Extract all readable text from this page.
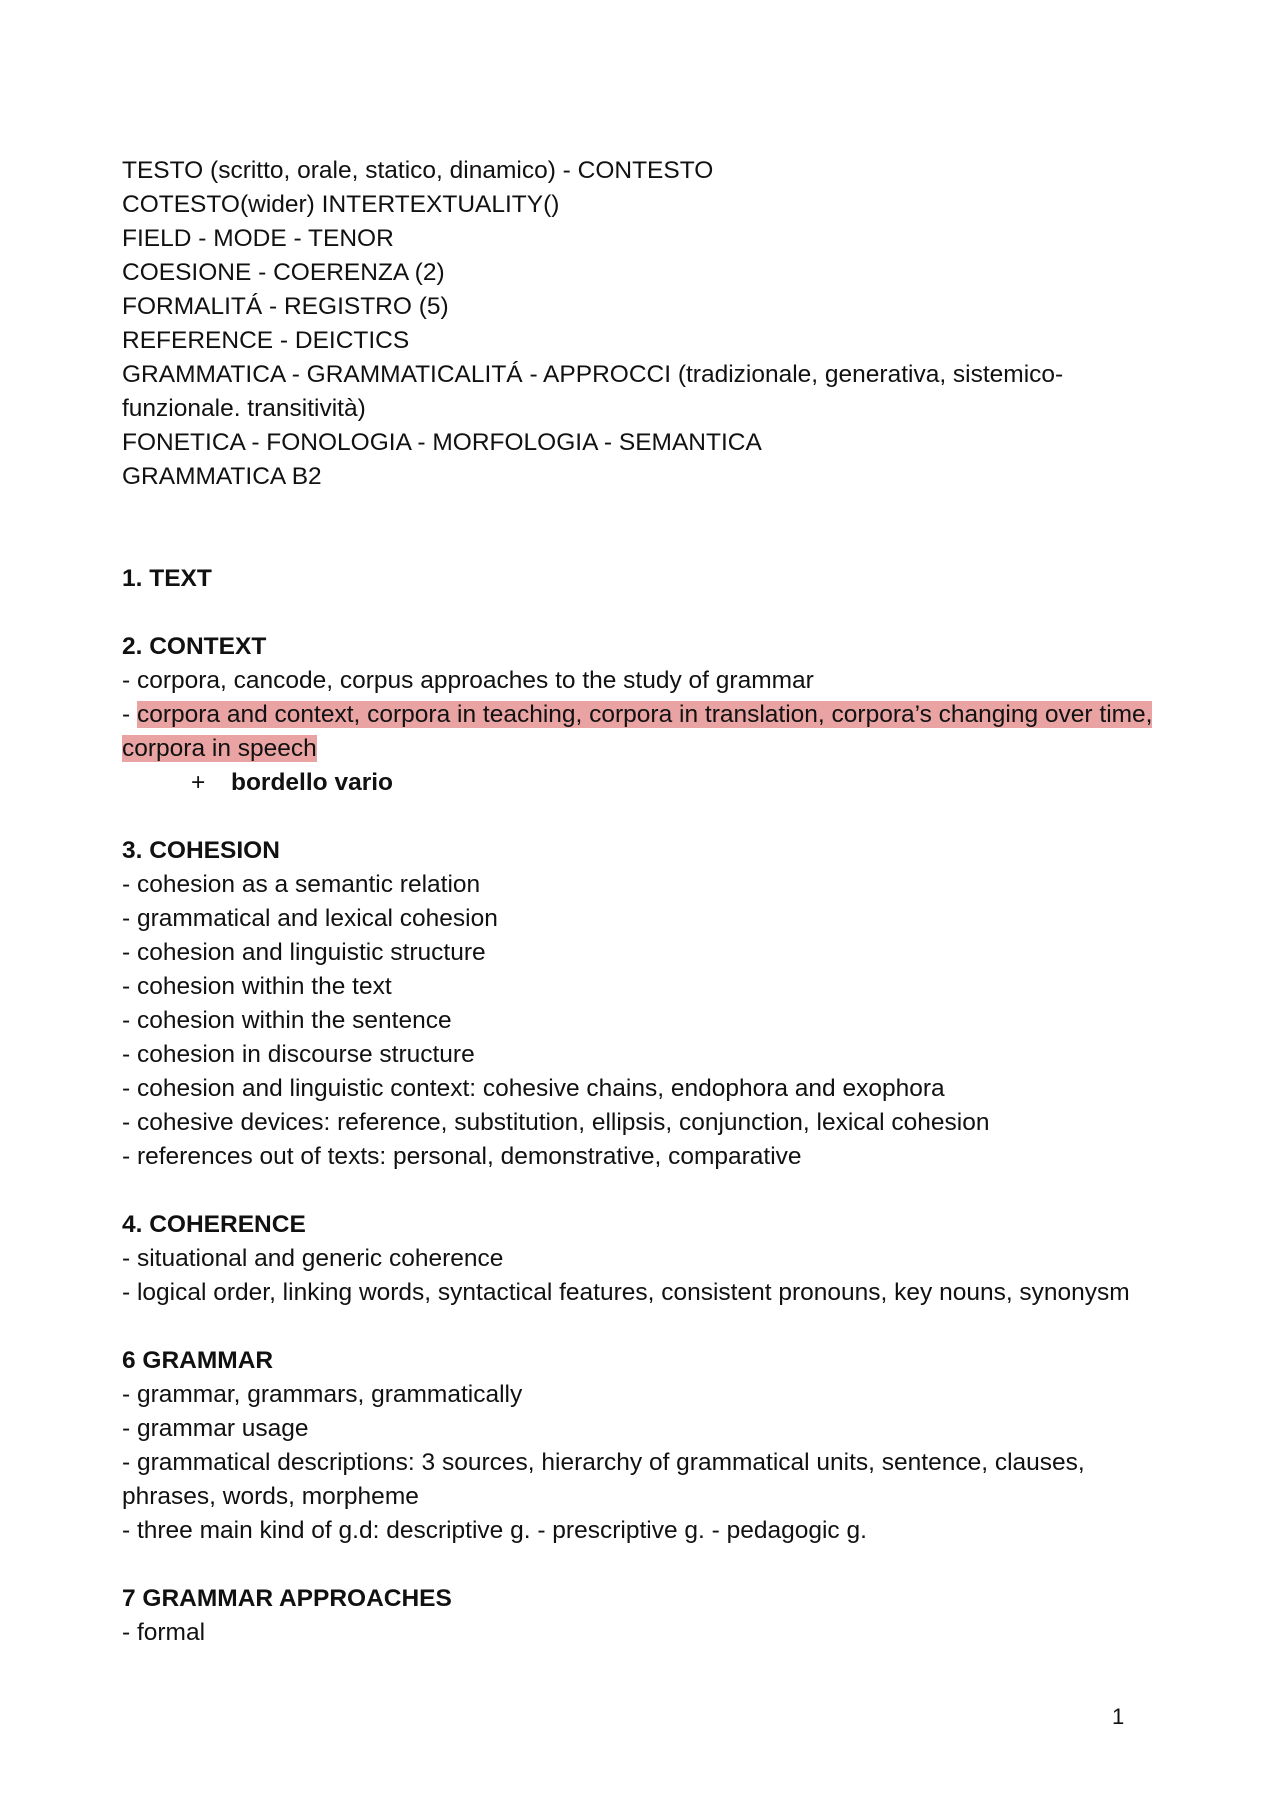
TESTO (scritto, orale, statico, dinamico) - CONTESTO
COTESTO(wider) INTERTEXTUALITY()
FIELD - MODE - TENOR
COESIONE - COERENZA (2)
FORMALITÁ - REGISTRO (5)
REFERENCE - DEICTICS
GRAMMATICA - GRAMMATICALITÁ - APPROCCI (tradizionale, generativa, sistemico-
funzionale. transitività)
FONETICA - FONOLOGIA - MORFOLOGIA - SEMANTICA
GRAMMATICA B2
1. TEXT
2. CONTEXT
- corpora, cancode, corpus approaches to the study of grammar
- corpora and context, corpora in teaching, corpora in translation, corpora’s changing over time,
corpora in speech
+ bordello vario
3. COHESION
- cohesion as a semantic relation
- grammatical and lexical cohesion
- cohesion and linguistic structure
- cohesion within the text
- cohesion within the sentence
- cohesion in discourse structure
- cohesion and linguistic context: cohesive chains, endophora and exophora
- cohesive devices: reference, substitution, ellipsis, conjunction, lexical cohesion
- references out of texts: personal, demonstrative, comparative
4. COHERENCE
- situational and generic coherence
- logical order, linking words, syntactical features, consistent pronouns, key nouns, synonysm
6 GRAMMAR
- grammar, grammars, grammatically
- grammar usage
- grammatical descriptions: 3 sources, hierarchy of grammatical units, sentence, clauses,
phrases, words, morpheme
- three main kind of g.d: descriptive g. - prescriptive g. - pedagogic g.
7 GRAMMAR APPROACHES
- formal
1
